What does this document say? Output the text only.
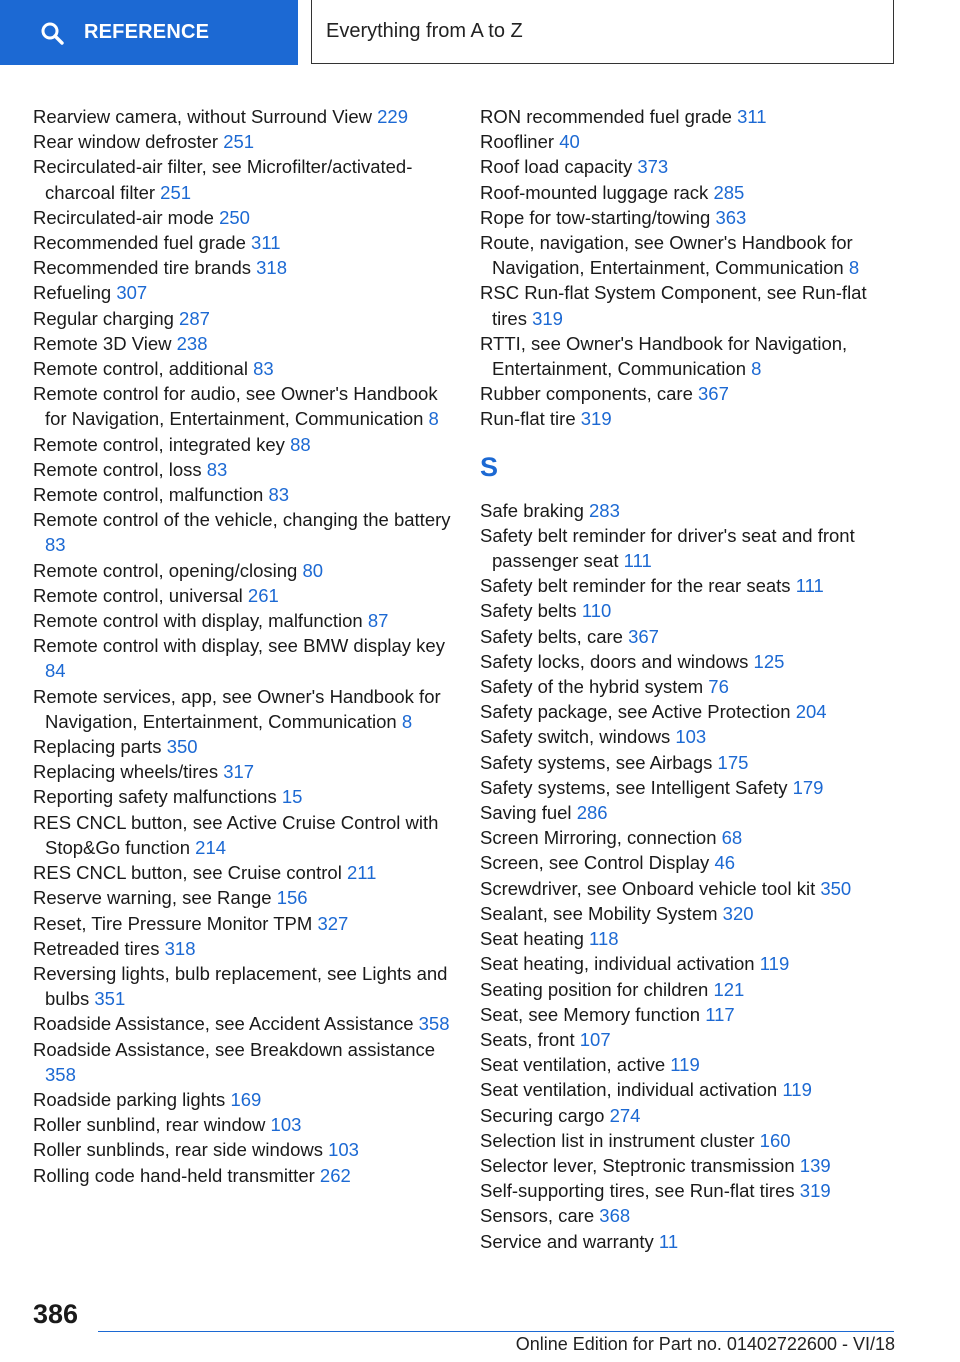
REFERENCE	Everything from A to Z
Rearview camera, without Surround View 229
Rear window defroster 251
Recirculated-air filter, see Microfilter/activated-charcoal filter 251
Recirculated-air mode 250
Recommended fuel grade 311
Recommended tire brands 318
Refueling 307
Regular charging 287
Remote 3D View 238
Remote control, additional 83
Remote control for audio, see Owner's Handbook for Navigation, Entertainment, Communication 8
Remote control, integrated key 88
Remote control, loss 83
Remote control, malfunction 83
Remote control of the vehicle, changing the battery 83
Remote control, opening/closing 80
Remote control, universal 261
Remote control with display, malfunction 87
Remote control with display, see BMW display key 84
Remote services, app, see Owner's Handbook for Navigation, Entertainment, Communication 8
Replacing parts 350
Replacing wheels/tires 317
Reporting safety malfunctions 15
RES CNCL button, see Active Cruise Control with Stop&Go function 214
RES CNCL button, see Cruise control 211
Reserve warning, see Range 156
Reset, Tire Pressure Monitor TPM 327
Retreaded tires 318
Reversing lights, bulb replacement, see Lights and bulbs 351
Roadside Assistance, see Accident Assistance 358
Roadside Assistance, see Breakdown assistance 358
Roadside parking lights 169
Roller sunblind, rear window 103
Roller sunblinds, rear side windows 103
Rolling code hand-held transmitter 262
RON recommended fuel grade 311
Roofliner 40
Roof load capacity 373
Roof-mounted luggage rack 285
Rope for tow-starting/towing 363
Route, navigation, see Owner's Handbook for Navigation, Entertainment, Communication 8
RSC Run-flat System Component, see Run-flat tires 319
RTTI, see Owner's Handbook for Navigation, Entertainment, Communication 8
Rubber components, care 367
Run-flat tire 319
S
Safe braking 283
Safety belt reminder for driver's seat and front passenger seat 111
Safety belt reminder for the rear seats 111
Safety belts 110
Safety belts, care 367
Safety locks, doors and windows 125
Safety of the hybrid system 76
Safety package, see Active Protection 204
Safety switch, windows 103
Safety systems, see Airbags 175
Safety systems, see Intelligent Safety 179
Saving fuel 286
Screen Mirroring, connection 68
Screen, see Control Display 46
Screwdriver, see Onboard vehicle tool kit 350
Sealant, see Mobility System 320
Seat heating 118
Seat heating, individual activation 119
Seating position for children 121
Seat, see Memory function 117
Seats, front 107
Seat ventilation, active 119
Seat ventilation, individual activation 119
Securing cargo 274
Selection list in instrument cluster 160
Selector lever, Steptronic transmission 139
Self-supporting tires, see Run-flat tires 319
Sensors, care 368
Service and warranty 11
386
Online Edition for Part no. 01402722600 - VI/18
